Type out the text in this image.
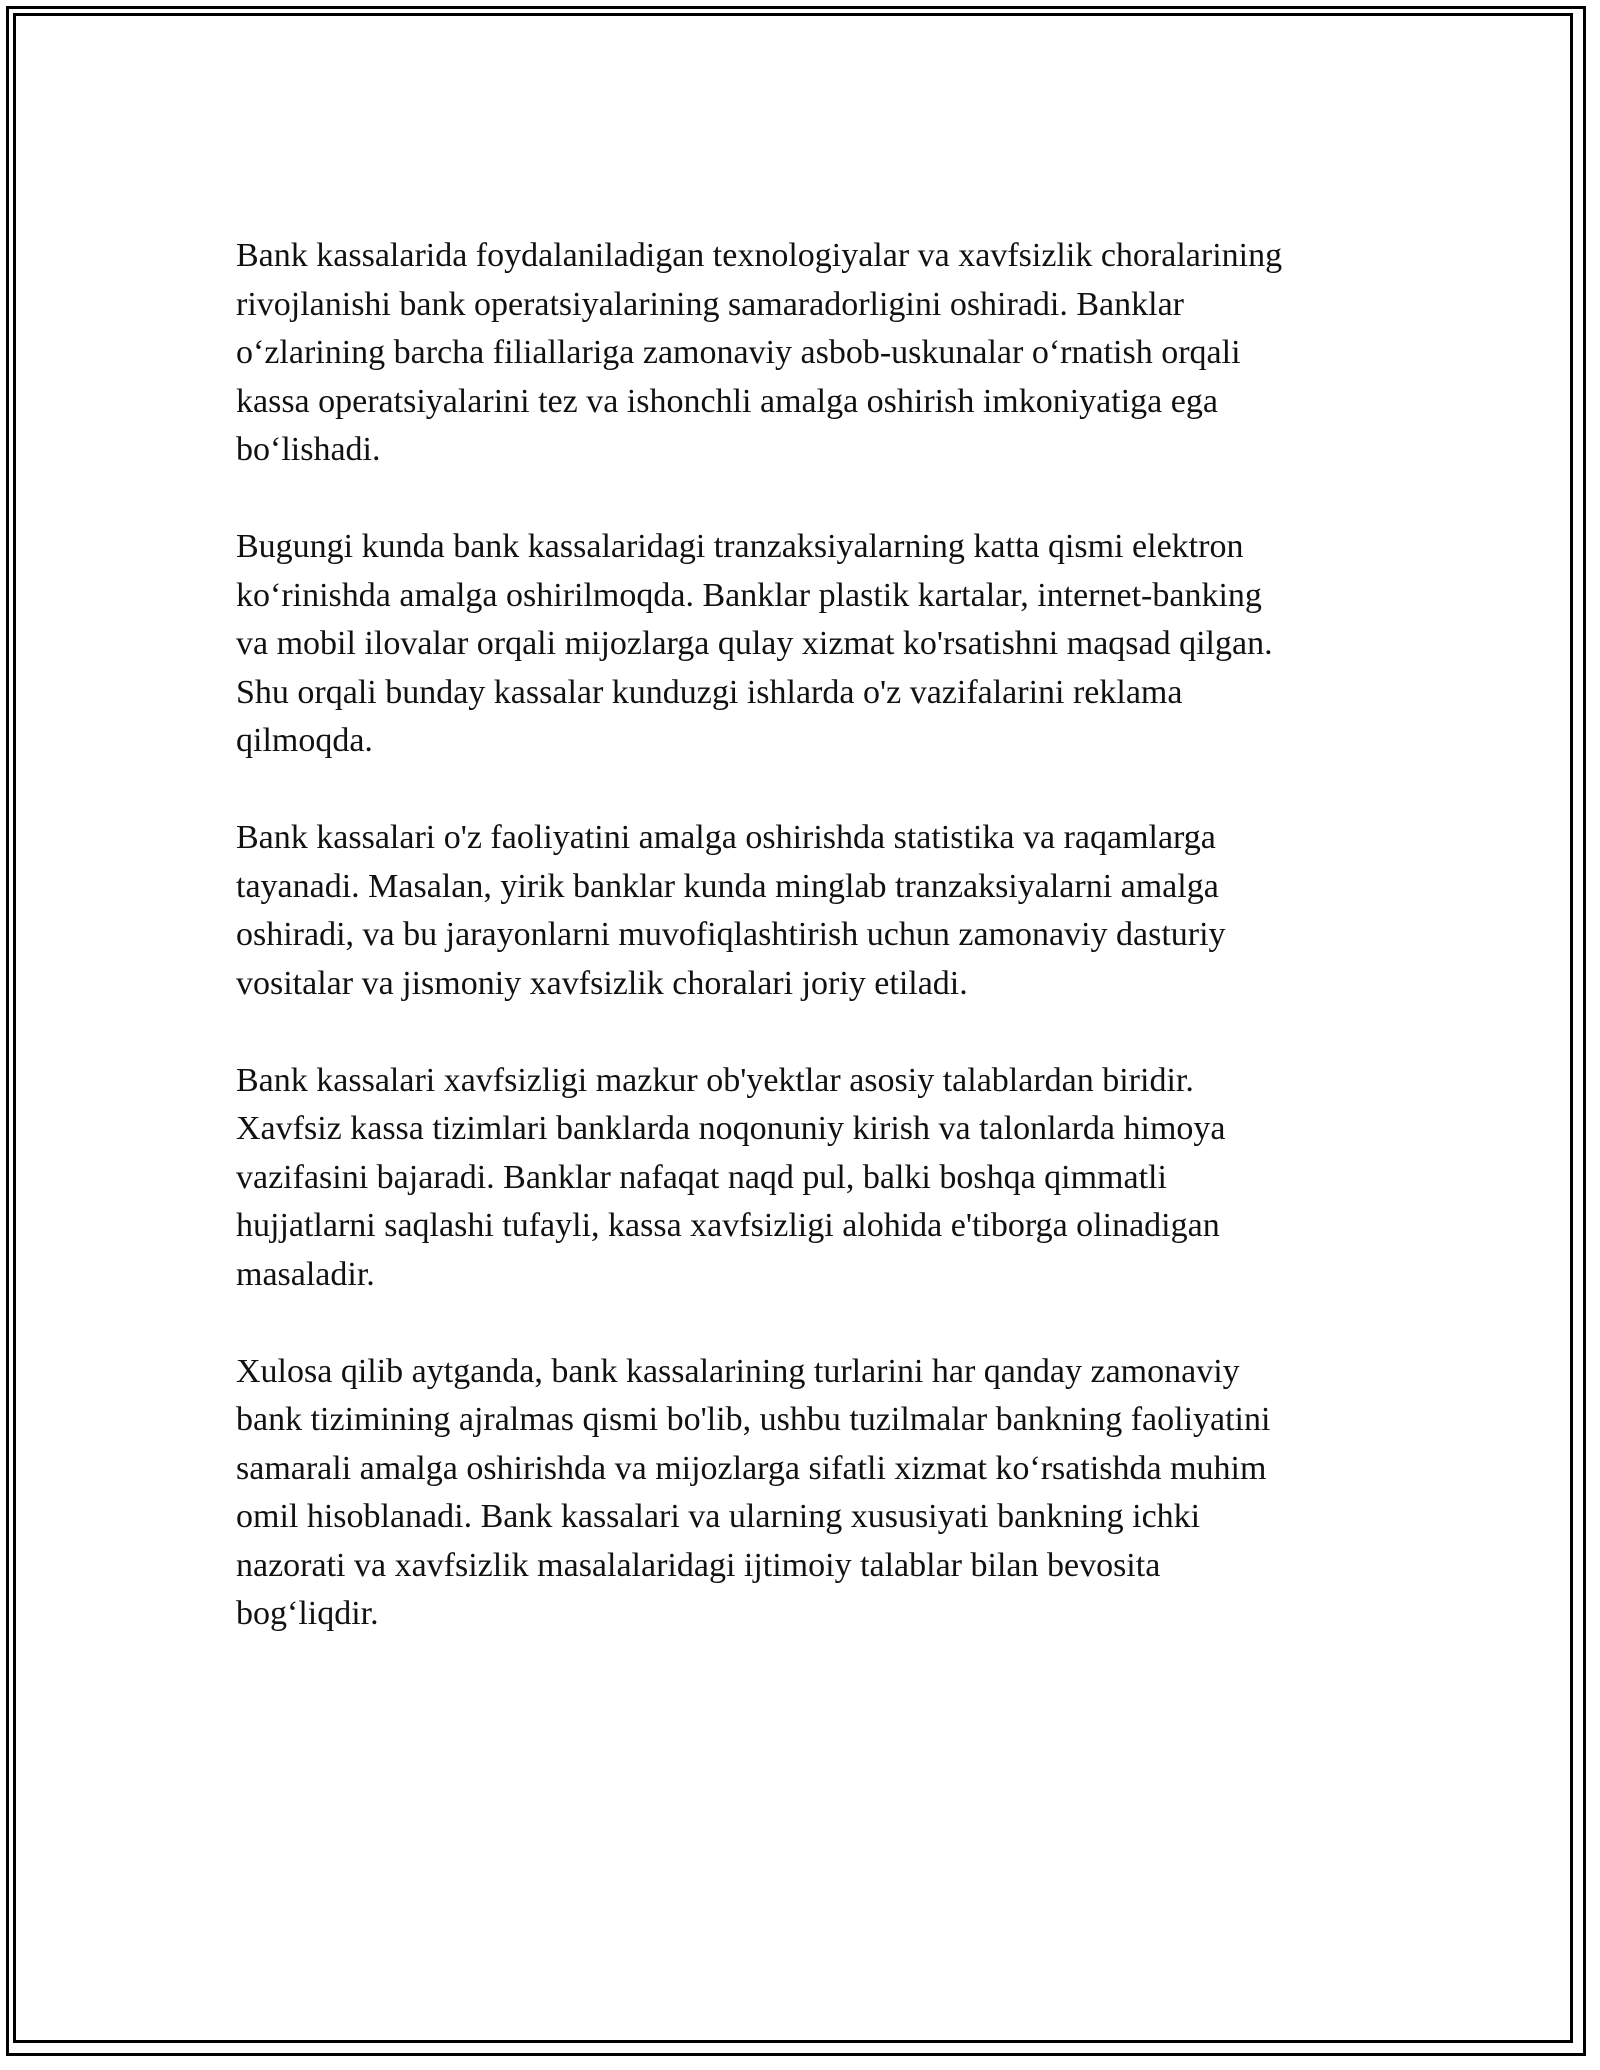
Bank kassalarida foydalaniladigan texnologiyalar va xavfsizlik choralarining
rivojlanishi bank operatsiyalarining samaradorligini oshiradi. Banklar
o‘zlarining barcha filiallariga zamonaviy asbob-uskunalar o‘rnatish orqali
kassa operatsiyalarini tez va ishonchli amalga oshirish imkoniyatiga ega
bo‘lishadi.

Bugungi kunda bank kassalaridagi tranzaksiyalarning katta qismi elektron
ko‘rinishda amalga oshirilmoqda. Banklar plastik kartalar, internet-banking
va mobil ilovalar orqali mijozlarga qulay xizmat ko'rsatishni maqsad qilgan.
Shu orqali bunday kassalar kunduzgi ishlarda o'z vazifalarini reklama
qilmoqda.

Bank kassalari o'z faoliyatini amalga oshirishda statistika va raqamlarga
tayanadi. Masalan, yirik banklar kunda minglab tranzaksiyalarni amalga
oshiradi, va bu jarayonlarni muvofiqlashtirish uchun zamonaviy dasturiy
vositalar va jismoniy xavfsizlik choralari joriy etiladi.

Bank kassalari xavfsizligi mazkur ob'yektlar asosiy talablardan biridir.
Xavfsiz kassa tizimlari banklarda noqonuniy kirish va talonlarda himoya
vazifasini bajaradi. Banklar nafaqat naqd pul, balki boshqa qimmatli
hujjatlarni saqlashi tufayli, kassa xavfsizligi alohida e'tiborga olinadigan
masaladir.

Xulosa qilib aytganda, bank kassalarining turlarini har qanday zamonaviy
bank tizimining ajralmas qismi bo'lib, ushbu tuzilmalar bankning faoliyatini
samarali amalga oshirishda va mijozlarga sifatli xizmat ko‘rsatishda muhim
omil hisoblanadi. Bank kassalari va ularning xususiyati bankning ichki
nazorati va xavfsizlik masalalaridagi ijtimoiy talablar bilan bevosita
bog‘liqdir.
